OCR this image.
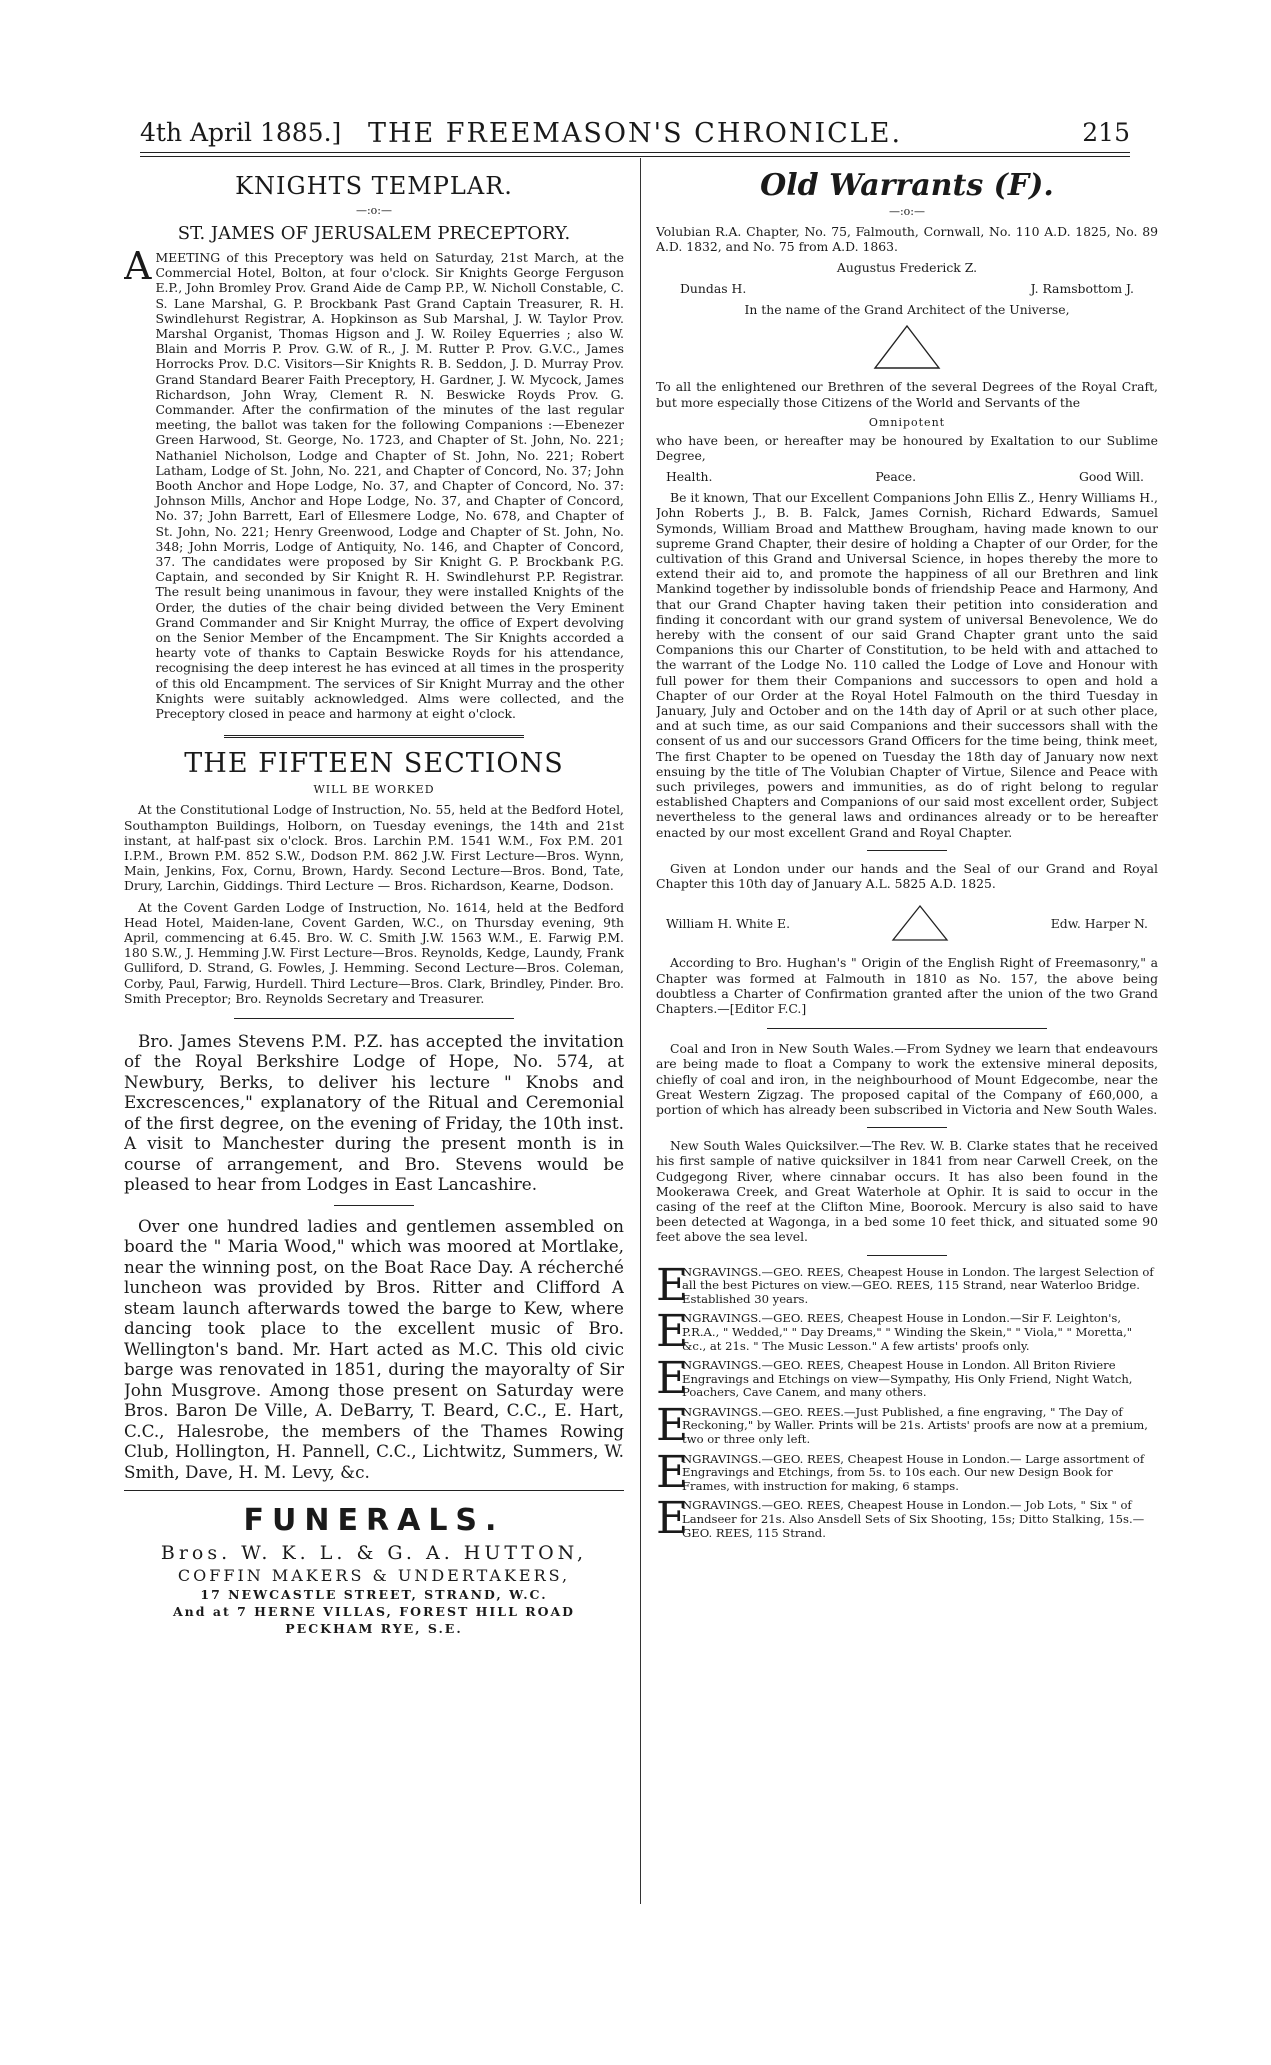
4th April 1885.] THE FREEMASON'S CHRONICLE.	215
KNIGHTS TEMPLAR.
—:o:—
ST. JAMES OF JERUSALEM PRECEPTORY.
A MEETING of this Preceptory was held on Saturday, 21st March, at the Commercial Hotel, Bolton, at four o'clock. Sir Knights George Ferguson E.P., John Bromley Prov. Grand Aide de Camp P.P., W. Nicholl Constable, C. S. Lane Marshal, G. P. Brockbank Past Grand Captain Treasurer, R. H. Swindlehurst Registrar, A. Hopkinson as Sub Marshal, J. W. Taylor Prov. Marshal Organist, Thomas Higson and J. W. Roiley Equerries ; also W. Blain and Morris P. Prov. G.W. of R., J. M. Rutter P. Prov. G.V.C., James Horrocks Prov. D.C. Visitors—Sir Knights R. B. Seddon, J. D. Murray Prov. Grand Standard Bearer Faith Preceptory, H. Gardner, J. W. Mycock, James Richardson, John Wray, Clement R. N. Beswicke Royds Prov. G. Commander. After the confirmation of the minutes of the last regular meeting, the ballot was taken for the following Companions :—Ebenezer Green Harwood, St. George, No. 1723, and Chapter of St. John, No. 221; Nathaniel Nicholson, Lodge and Chapter of St. John, No. 221; Robert Latham, Lodge of St. John, No. 221, and Chapter of Concord, No. 37; John Booth Anchor and Hope Lodge, No. 37, and Chapter of Concord, No. 37: Johnson Mills, Anchor and Hope Lodge, No. 37, and Chapter of Concord, No. 37; John Barrett, Earl of Ellesmere Lodge, No. 678, and Chapter of St. John, No. 221; Henry Greenwood, Lodge and Chapter of St. John, No. 348; John Morris, Lodge of Antiquity, No. 146, and Chapter of Concord, 37. The candidates were proposed by Sir Knight G. P. Brockbank P.G. Captain, and seconded by Sir Knight R. H. Swindlehurst P.P. Registrar. The result being unanimous in favour, they were installed Knights of the Order, the duties of the chair being divided between the Very Eminent Grand Commander and Sir Knight Murray, the office of Expert devolving on the Senior Member of the Encampment. The Sir Knights accorded a hearty vote of thanks to Captain Beswicke Royds for his attendance, recognising the deep interest he has evinced at all times in the prosperity of this old Encampment. The services of Sir Knight Murray and the other Knights were suitably acknowledged. Alms were collected, and the Preceptory closed in peace and harmony at eight o'clock.

THE FIFTEEN SECTIONS
WILL BE WORKED

At the Constitutional Lodge of Instruction, No. 55, held at the Bedford Hotel, Southampton Buildings, Holborn, on Tuesday evenings, the 14th and 21st instant, at half-past six o'clock. Bros. Larchin P.M. 1541 W.M., Fox P.M. 201 I.P.M., Brown P.M. 852 S.W., Dodson P.M. 862 J.W. First Lecture—Bros. Wynn, Main, Jenkins, Fox, Cornu, Brown, Hardy. Second Lecture—Bros. Bond, Tate, Drury, Larchin, Giddings. Third Lecture — Bros. Richardson, Kearne, Dodson.

At the Covent Garden Lodge of Instruction, No. 1614, held at the Bedford Head Hotel, Maiden-lane, Covent Garden, W.C., on Thursday evening, 9th April, commencing at 6.45. Bro. W. C. Smith J.W. 1563 W.M., E. Farwig P.M. 180 S.W., J. Hemming J.W. First Lecture—Bros. Reynolds, Kedge, Laundy, Frank Gulliford, D. Strand, G. Fowles, J. Hemming. Second Lecture—Bros. Coleman, Corby, Paul, Farwig, Hurdell. Third Lecture—Bros. Clark, Brindley, Pinder. Bro. Smith Preceptor; Bro. Reynolds Secretary and Treasurer.

Bro. James Stevens P.M. P.Z. has accepted the invitation of the Royal Berkshire Lodge of Hope, No. 574, at Newbury, Berks, to deliver his lecture " Knobs and Excrescences," explanatory of the Ritual and Ceremonial of the first degree, on the evening of Friday, the 10th inst. A visit to Manchester during the present month is in course of arrangement, and Bro. Stevens would be pleased to hear from Lodges in East Lancashire.

Over one hundred ladies and gentlemen assembled on board the " Maria Wood," which was moored at Mortlake, near the winning post, on the Boat Race Day. A récherché luncheon was provided by Bros. Ritter and Clifford A steam launch afterwards towed the barge to Kew, where dancing took place to the excellent music of Bro. Wellington's band. Mr. Hart acted as M.C. This old civic barge was renovated in 1851, during the mayoralty of Sir John Musgrove. Among those present on Saturday were Bros. Baron De Ville, A. DeBarry, T. Beard, C.C., E. Hart, C.C., Halesrobe, the members of the Thames Rowing Club, Hollington, H. Pannell, C.C., Lichtwitz, Summers, W. Smith, Dave, H. M. Levy, &c.

FUNERALS.
Bros. W. K. L. & G. A. HUTTON,
COFFIN MAKERS & UNDERTAKERS,
17 NEWCASTLE STREET, STRAND, W.C.
And at 7 HERNE VILLAS, FOREST HILL ROAD
PECKHAM RYE, S.E.
Old Warrants (F).
—:o:—

Volubian R.A. Chapter, No. 75, Falmouth, Cornwall, No. 110 A.D. 1825, No. 89 A.D. 1832, and No. 75 from A.D. 1863.

Augustus Frederick Z.
Dundas H.	J. Ramsbottom J.
In the name of the Grand Architect of the Universe,

To all the enlightened our Brethren of the several Degrees of the Royal Craft, but more especially those Citizens of the World and Servants of the

Omnipotent

who have been, or hereafter may be honoured by Exaltation to our Sublime Degree,

Health.	Peace.	Good Will.

Be it known, That our Excellent Companions John Ellis Z., Henry Williams H., John Roberts J., B. B. Falck, James Cornish, Richard Edwards, Samuel Symonds, William Broad and Matthew Brougham, having made known to our supreme Grand Chapter, their desire of holding a Chapter of our Order, for the cultivation of this Grand and Universal Science, in hopes thereby the more to extend their aid to, and promote the happiness of all our Brethren and link Mankind together by indissoluble bonds of friendship Peace and Harmony, And that our Grand Chapter having taken their petition into consideration and finding it concordant with our grand system of universal Benevolence, We do hereby with the consent of our said Grand Chapter grant unto the said Companions this our Charter of Constitution, to be held with and attached to the warrant of the Lodge No. 110 called the Lodge of Love and Honour with full power for them their Companions and successors to open and hold a Chapter of our Order at the Royal Hotel Falmouth on the third Tuesday in January, July and October and on the 14th day of April or at such other place, and at such time, as our said Companions and their successors shall with the consent of us and our successors Grand Officers for the time being, think meet, The first Chapter to be opened on Tuesday the 18th day of January now next ensuing by the title of The Volubian Chapter of Virtue, Silence and Peace with such privileges, powers and immunities, as do of right belong to regular established Chapters and Companions of our said most excellent order, Subject nevertheless to the general laws and ordinances already or to be hereafter enacted by our most excellent Grand and Royal Chapter.

Given at London under our hands and the Seal of our Grand and Royal Chapter this 10th day of January A.L. 5825 A.D. 1825.

William H. White E.	Edw. Harper N.

According to Bro. Hughan's " Origin of the English Right of Freemasonry," a Chapter was formed at Falmouth in 1810 as No. 157, the above being doubtless a Charter of Confirmation granted after the union of the two Grand Chapters.—[Editor F.C.]

Coal and Iron in New South Wales.—From Sydney we learn that endeavours are being made to float a Company to work the extensive mineral deposits, chiefly of coal and iron, in the neighbourhood of Mount Edgecombe, near the Great Western Zigzag. The proposed capital of the Company of £60,000, a portion of which has already been subscribed in Victoria and New South Wales.

New South Wales Quicksilver.—The Rev. W. B. Clarke states that he received his first sample of native quicksilver in 1841 from near Carwell Creek, on the Cudgegong River, where cinnabar occurs. It has also been found in the Mookerawa Creek, and Great Waterhole at Ophir. It is said to occur in the casing of the reef at the Clifton Mine, Boorook. Mercury is also said to have been detected at Wagonga, in a bed some 10 feet thick, and situated some 90 feet above the sea level.

E
NGRAVINGS.—GEO. REES, Cheapest House in London. The largest Selection of all the best Pictures on view.—GEO. REES, 115 Strand, near Waterloo Bridge. Established 30 years.
E
NGRAVINGS.—GEO. REES, Cheapest House in London.—Sir F. Leighton's, P.R.A., " Wedded," " Day Dreams," " Winding the Skein," " Viola," " Moretta," &c., at 21s. " The Music Lesson." A few artists' proofs only.
E
NGRAVINGS.—GEO. REES, Cheapest House in London. All Briton Riviere Engravings and Etchings on view—Sympathy, His Only Friend, Night Watch, Poachers, Cave Canem, and many others.
E
NGRAVINGS.—GEO. REES.—Just Published, a fine engraving, " The Day of Reckoning," by Waller. Prints will be 21s. Artists' proofs are now at a premium, two or three only left.
E
NGRAVINGS.—GEO. REES, Cheapest House in London.— Large assortment of Engravings and Etchings, from 5s. to 10s each. Our new Design Book for Frames, with instruction for making, 6 stamps.
E
NGRAVINGS.—GEO. REES, Cheapest House in London.— Job Lots, " Six " of Landseer for 21s. Also Ansdell Sets of Six Shooting, 15s; Ditto Stalking, 15s.—GEO. REES, 115 Strand.
